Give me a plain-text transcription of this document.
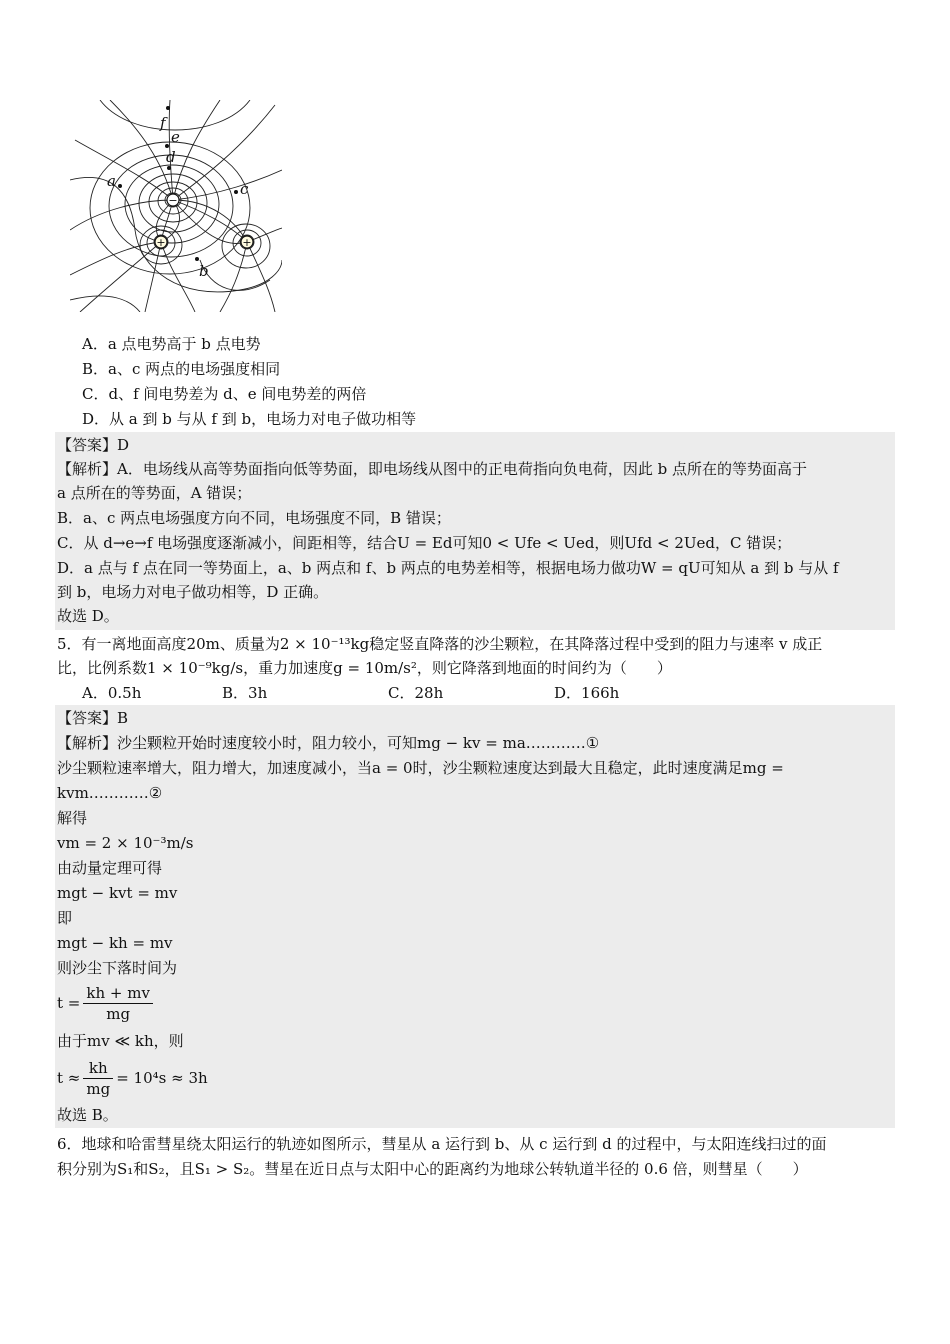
−
+	+
f
e
d
a	c
b
A．a 点电势高于 b 点电势
B．a、c 两点的电场强度相同
C．d、f 间电势差为 d、e 间电势差的两倍
D．从 a 到 b 与从 f 到 b，电场力对电子做功相等
【答案】D
【解析】A．电场线从高等势面指向低等势面，即电场线从图中的正电荷指向负电荷，因此 b 点所在的等势面高于
a 点所在的等势面，A 错误；
B．a、c 两点电场强度方向不同，电场强度不同，B 错误；
C．从 d→e→f 电场强度逐渐减小，间距相等，结合U = Ed可知0 < Ufe < Ued，则Ufd < 2Ued，C 错误；
D．a 点与 f 点在同一等势面上，a、b 两点和 f、b 两点的电势差相等，根据电场力做功W = qU可知从 a 到 b 与从 f
到 b，电场力对电子做功相等，D 正确。
故选 D。
5．有一离地面高度20m、质量为2 × 10⁻¹³kg稳定竖直降落的沙尘颗粒，在其降落过程中受到的阻力与速率 v 成正
比，比例系数1 × 10⁻⁹kg/s，重力加速度g = 10m/s²，则它降落到地面的时间约为（　　）
A．0.5h	B．3h	C．28h	D．166h
【答案】B
【解析】沙尘颗粒开始时速度较小时，阻力较小，可知mg − kv = ma…………①
沙尘颗粒速率增大，阻力增大，加速度减小，当a = 0时，沙尘颗粒速度达到最大且稳定，此时速度满足mg =
kvm…………②
解得
vm = 2 × 10⁻³m/s
由动量定理可得
mgt − kvt = mv
即
mgt − kh = mv
则沙尘下落时间为
$t = \frac{kh + mv}{mg}$
由于mv ≪ kh，则
$t \approx \frac{kh}{mg} = 10^4s \approx 3h$
故选 B。
6．地球和哈雷彗星绕太阳运行的轨迹如图所示，彗星从 a 运行到 b、从 c 运行到 d 的过程中，与太阳连线扫过的面
积分别为S₁和S₂，且S₁ > S₂。彗星在近日点与太阳中心的距离约为地球公转轨道半径的 0.6 倍，则彗星（　　）
